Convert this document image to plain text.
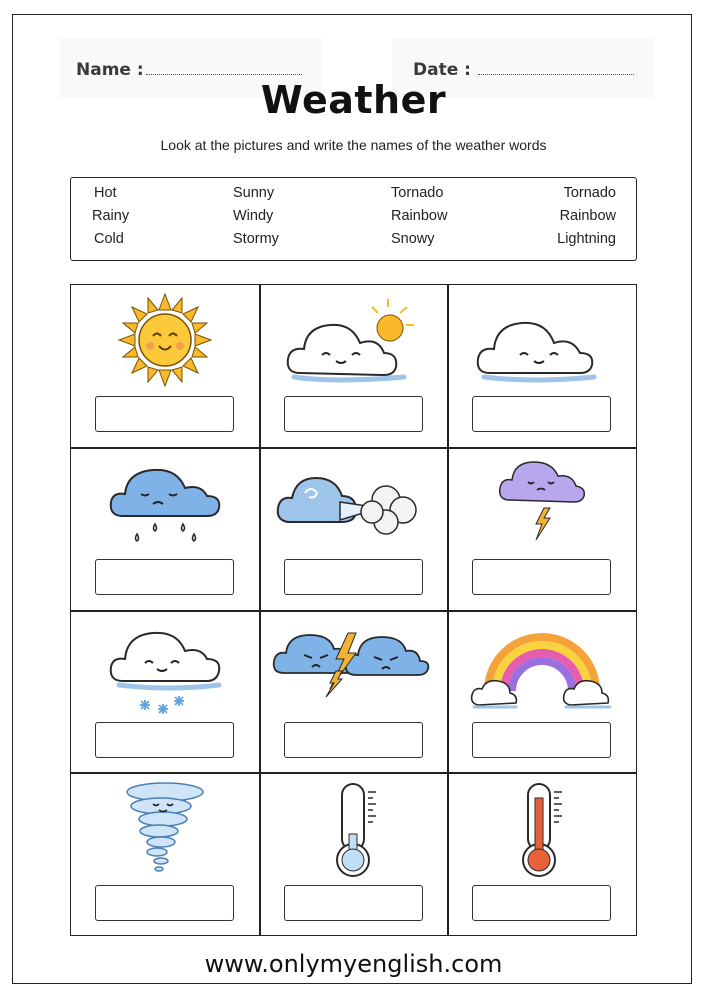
Name :	Date :
Weather
Look at the pictures and write the names of the weather words
Hot
Rainy
Cold
Sunny
Windy
Stormy
Tornado
Rainbow
Snowy
Tornado
Rainbow
Lightning
www.onlymyenglish.com
